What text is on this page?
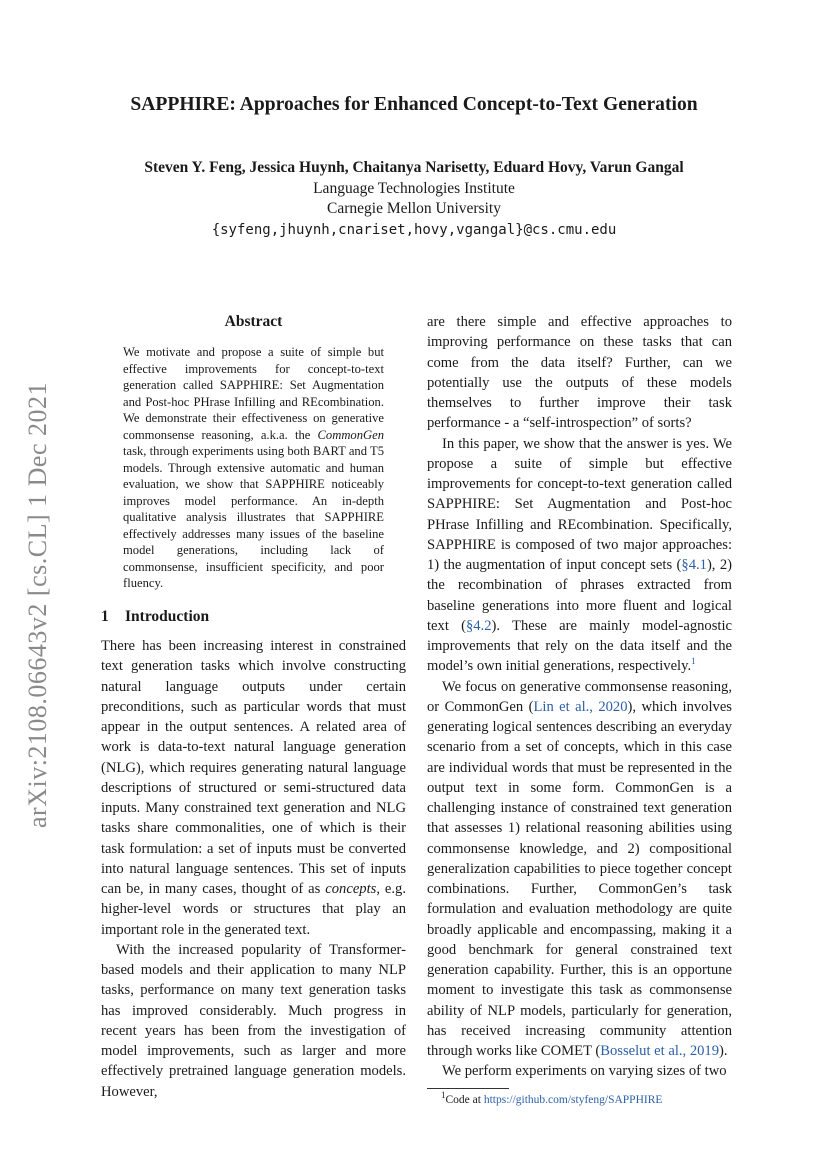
arXiv:2108.06643v2 [cs.CL] 1 Dec 2021
SAPPHIRE: Approaches for Enhanced Concept-to-Text Generation
Steven Y. Feng, Jessica Huynh, Chaitanya Narisetty, Eduard Hovy, Varun Gangal
Language Technologies Institute
Carnegie Mellon University
{syfeng,jhuynh,cnariset,hovy,vgangal}@cs.cmu.edu
Abstract
We motivate and propose a suite of simple but effective improvements for concept-to-text generation called SAPPHIRE: Set Augmentation and Post-hoc PHrase Infilling and REcombination. We demonstrate their effectiveness on generative commonsense reasoning, a.k.a. the CommonGen task, through experiments using both BART and T5 models. Through extensive automatic and human evaluation, we show that SAPPHIRE noticeably improves model performance. An in-depth qualitative analysis illustrates that SAPPHIRE effectively addresses many issues of the baseline model generations, including lack of commonsense, insufficient specificity, and poor fluency.
1 Introduction

There has been increasing interest in constrained text generation tasks which involve constructing natural language outputs under certain preconditions, such as particular words that must appear in the output sentences. A related area of work is data-to-text natural language generation (NLG), which requires generating natural language descriptions of structured or semi-structured data inputs. Many constrained text generation and NLG tasks share commonalities, one of which is their task formulation: a set of inputs must be converted into natural language sentences. This set of inputs can be, in many cases, thought of as concepts, e.g. higher-level words or structures that play an important role in the generated text.

With the increased popularity of Transformer-based models and their application to many NLP tasks, performance on many text generation tasks has improved considerably. Much progress in recent years has been from the investigation of model improvements, such as larger and more effectively pretrained language generation models. However,

are there simple and effective approaches to improving performance on these tasks that can come from the data itself? Further, can we potentially use the outputs of these models themselves to further improve their task performance - a “self-introspection” of sorts?

In this paper, we show that the answer is yes. We propose a suite of simple but effective improvements for concept-to-text generation called SAPPHIRE: Set Augmentation and Post-hoc PHrase Infilling and REcombination. Specifically, SAPPHIRE is composed of two major approaches: 1) the augmentation of input concept sets (§4.1), 2) the recombination of phrases extracted from baseline generations into more fluent and logical text (§4.2). These are mainly model-agnostic improvements that rely on the data itself and the model’s own initial generations, respectively.$^1$

We focus on generative commonsense reasoning, or CommonGen (Lin et al., 2020), which involves generating logical sentences describing an everyday scenario from a set of concepts, which in this case are individual words that must be represented in the output text in some form. CommonGen is a challenging instance of constrained text generation that assesses 1) relational reasoning abilities using commonsense knowledge, and 2) compositional generalization capabilities to piece together concept combinations. Further, CommonGen’s task formulation and evaluation methodology are quite broadly applicable and encompassing, making it a good benchmark for general constrained text generation capability. Further, this is an opportune moment to investigate this task as commonsense ability of NLP models, particularly for generation, has received increasing community attention through works like COMET (Bosselut et al., 2019).

We perform experiments on varying sizes of two

$^1$Code at https://github.com/styfeng/SAPPHIRE
